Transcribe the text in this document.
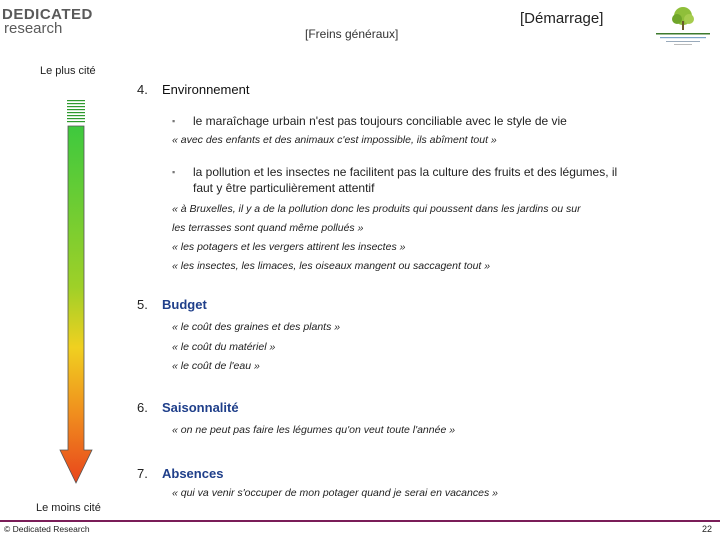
DEDICATED
research	[Freins généraux]
[Démarrage]
Le plus cité
Le moins cité
4. Environnement
▪ le maraîchage urbain n'est pas toujours conciliable avec le style de vie
« avec des enfants et des animaux c'est impossible, ils abîment tout »
▪ la pollution et les insectes ne facilitent pas la culture des fruits et des légumes, il
faut y être particulièrement attentif
« à Bruxelles, il y a de la pollution donc les produits qui poussent dans les jardins ou sur
les terrasses sont quand même pollués »
« les potagers et les vergers attirent les insectes »
« les insectes, les limaces, les oiseaux mangent ou saccagent tout »
5. Budget
« le coût des graines et des plants »
« le coût du matériel »
« le coût de l'eau »
6. Saisonnalité
« on ne peut pas faire les légumes qu'on veut toute l'année »
7. Absences
« qui va venir s'occuper de mon potager quand je serai en vacances »
© Dedicated Research	22
